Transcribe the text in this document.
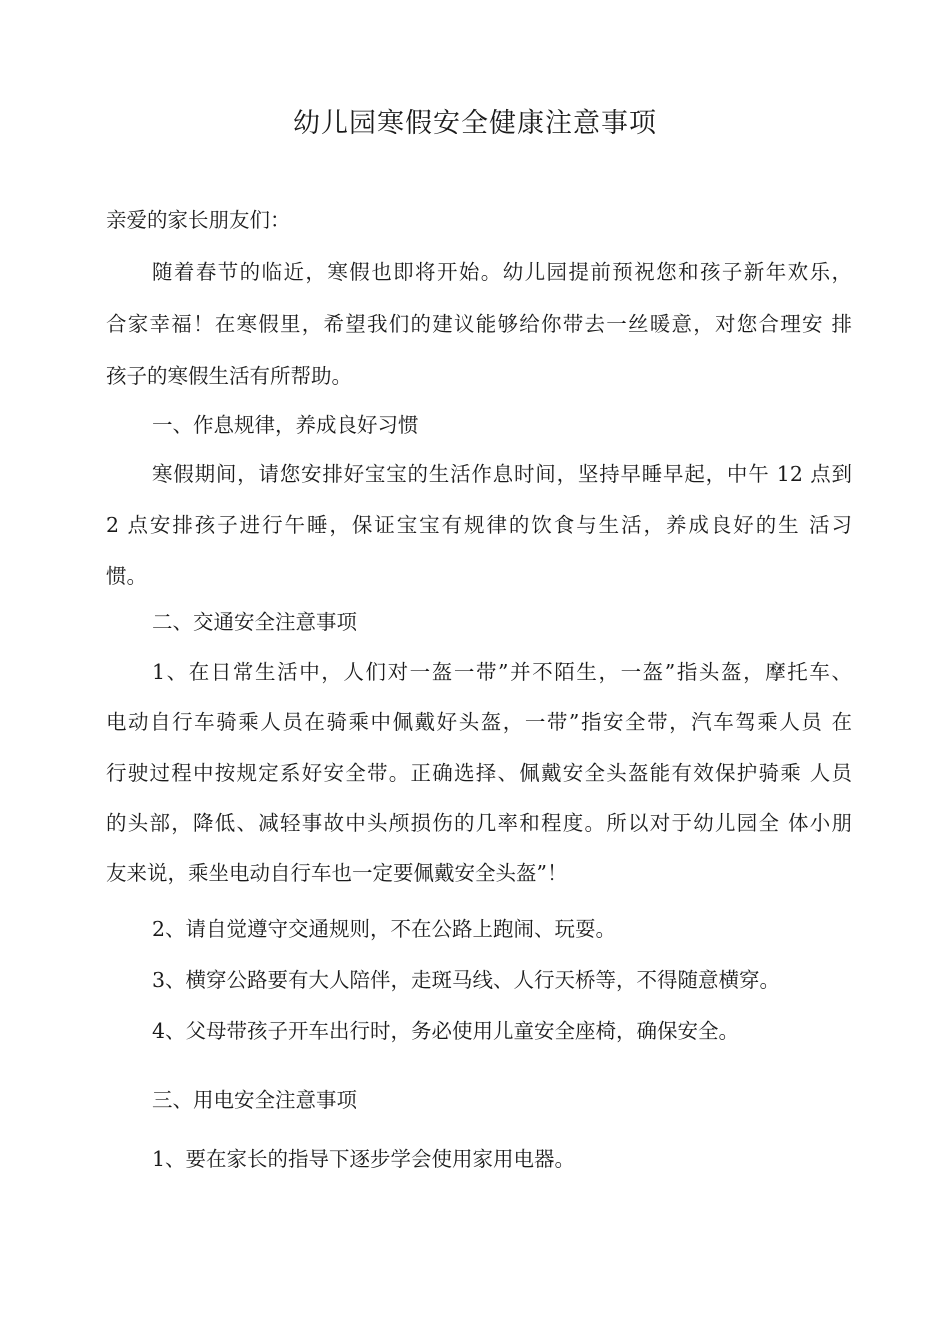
幼儿园寒假安全健康注意事项
亲爱的家长朋友们：
随着春节的临近，寒假也即将开始。幼儿园提前预祝您和孩子新年欢乐，
合家幸福！在寒假里，希望我们的建议能够给你带去一丝暖意，对您合理安 排
孩子的寒假生活有所帮助。
一、作息规律，养成良好习惯
寒假期间，请您安排好宝宝的生活作息时间，坚持早睡早起，中午 12 点到
2 点安排孩子进行午睡，保证宝宝有规律的饮食与生活，养成良好的生 活习
惯。
二、交通安全注意事项
1、在日常生活中，人们对一盔一带”并不陌生，一盔”指头盔，摩托车、
电动自行车骑乘人员在骑乘中佩戴好头盔，一带”指安全带，汽车驾乘人员 在
行驶过程中按规定系好安全带。正确选择、佩戴安全头盔能有效保护骑乘 人员
的头部，降低、减轻事故中头颅损伤的几率和程度。所以对于幼儿园全 体小朋
友来说，乘坐电动自行车也一定要佩戴安全头盔”！
2、请自觉遵守交通规则，不在公路上跑闹、玩耍。
3、横穿公路要有大人陪伴，走斑马线、人行天桥等，不得随意横穿。
4、父母带孩子开车出行时，务必使用儿童安全座椅，确保安全。
三、用电安全注意事项
1、要在家长的指导下逐步学会使用家用电器。
